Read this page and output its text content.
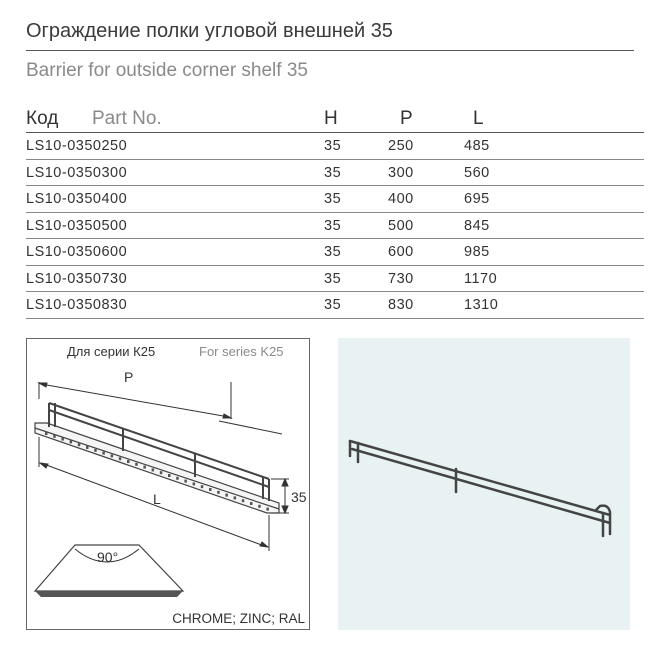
Ограждение полки угловой внешней 35
Barrier for outside corner shelf 35
Код Part No.	H	P	L
LS10-0350250	35	250	485
LS10-0350300	35	300	560
LS10-0350400	35	400	695
LS10-0350500	35	500	845
LS10-0350600	35	600	985
LS10-0350730	35	730	1170
LS10-0350830	35	830	1310
Для серии К25	For series K25
P
L	35
90°
CHROME; ZINC; RAL
